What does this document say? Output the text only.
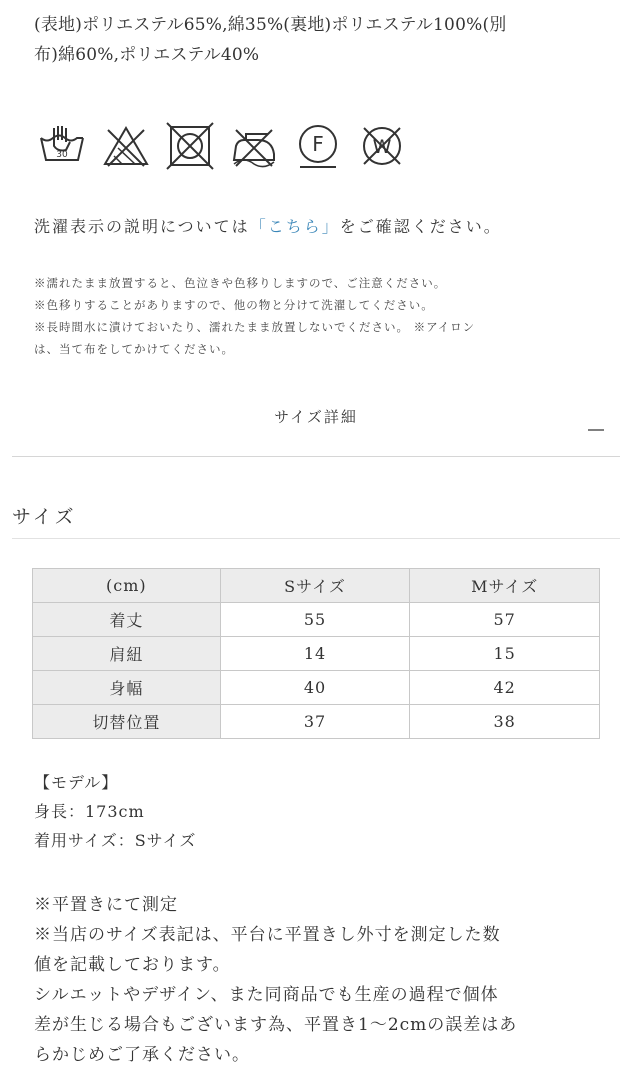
(表地)ポリエステル65%,綿35%(裏地)ポリエステル100%(別
布)綿60%,ポリエステル40%
30	F	W
洗濯表示の説明については「こちら」をご確認ください。
※濡れたまま放置すると、色泣きや色移りしますので、ご注意ください。
※色移りすることがありますので、他の物と分けて洗濯してください。
※長時間水に漬けておいたり、濡れたまま放置しないでください。 ※アイロン
は、当て布をしてかけてください。
サイズ詳細
サイズ
(cm)	Sサイズ	Mサイズ
着丈	55	57
肩紐	14	15
身幅	40	42
切替位置	37	38
【モデル】
身長：173cm
着用サイズ：Sサイズ
※平置きにて測定
※当店のサイズ表記は、平台に平置きし外寸を測定した数
値を記載しております。
シルエットやデザイン、また同商品でも生産の過程で個体
差が生じる場合もございます為、平置き1〜2cmの誤差はあ
らかじめご了承ください。
